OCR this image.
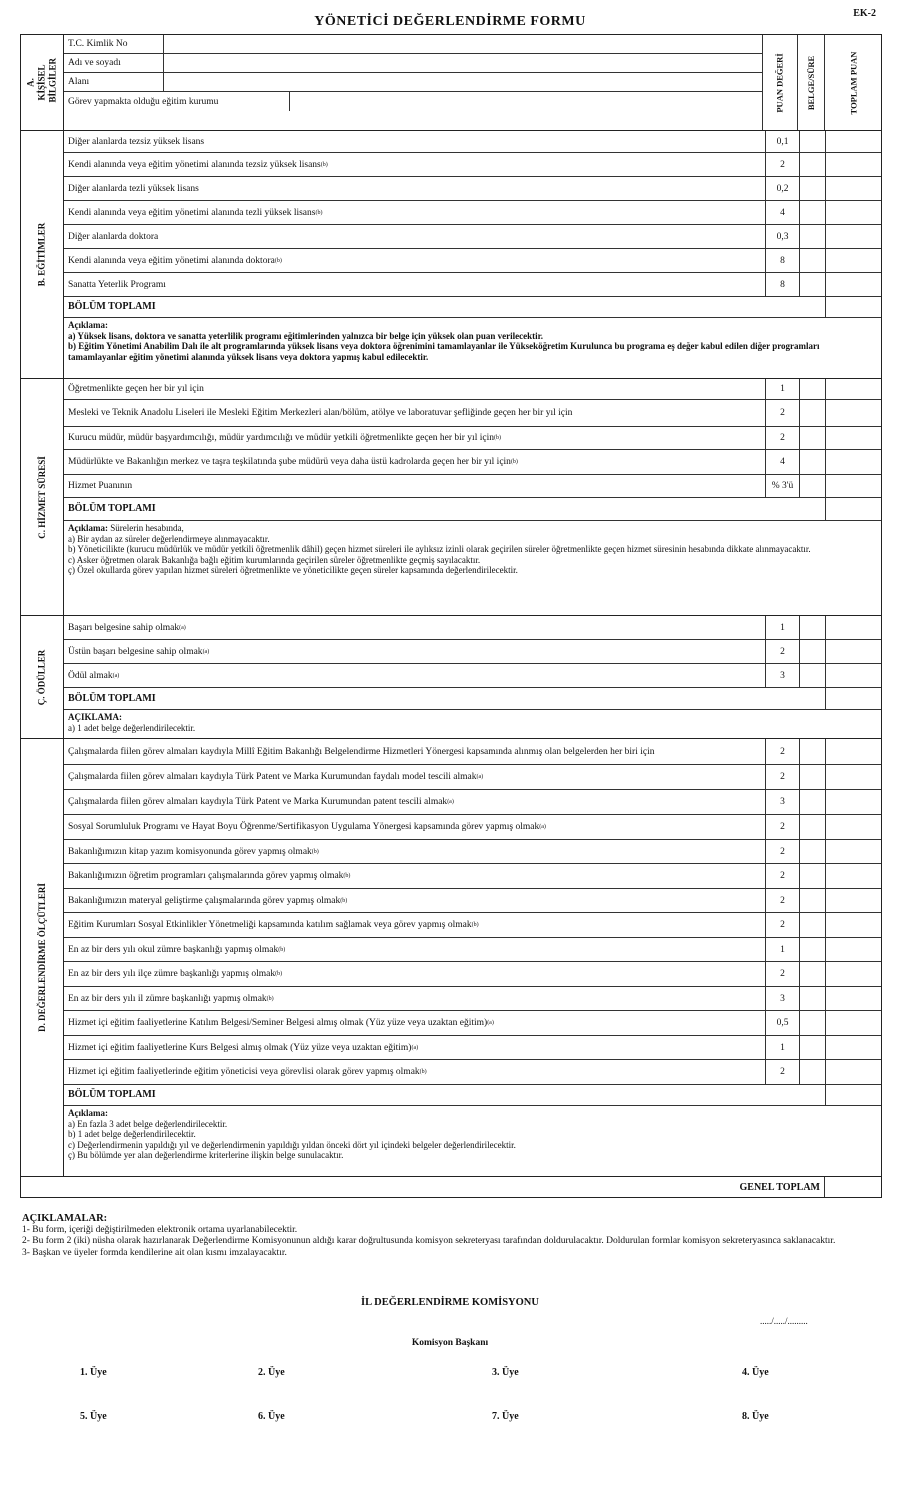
EK-2
YÖNETİCİ DEĞERLENDİRME FORMU
A. KİŞİSEL BİLGİLER
T.C. Kimlik No
Adı ve soyadı
Alanı
Görev yapmakta olduğu eğitim kurumu	PUAN DEĞERİ BELGE/SÜRE	TOPLAM PUAN
B. EĞİTİMLER
Diğer alanlarda tezsiz yüksek lisans	0,1
Kendi alanında veya eğitim yönetimi alanında tezsiz yüksek lisans (b)	2
Diğer alanlarda tezli yüksek lisans	0,2
Kendi alanında veya eğitim yönetimi alanında tezli yüksek lisans (b)	4
Diğer alanlarda doktora	0,3
Kendi alanında veya eğitim yönetimi alanında doktora (b)	8
Sanatta Yeterlik Programı	8
BÖLÜM TOPLAMI
Açıklama:
a) Yüksek lisans, doktora ve sanatta yeterlilik programı eğitimlerinden yalnızca bir belge için yüksek olan puan verilecektir.
b) Eğitim Yönetimi Anabilim Dalı ile alt programlarında yüksek lisans veya doktora öğrenimini tamamlayanlar ile Yükseköğretim Kurulunca bu programa eş değer kabul edilen diğer programları tamamlayanlar eğitim yönetimi alanında yüksek lisans veya doktora yapmış kabul edilecektir.
C. HİZMET SÜRESİ
Öğretmenlikte geçen her bir yıl için	1
Mesleki ve Teknik Anadolu Liseleri ile Mesleki Eğitim Merkezleri alan/bölüm, atölye ve laboratuvar şefliğinde geçen her bir yıl için	2
Kurucu müdür, müdür başyardımcılığı, müdür yardımcılığı ve müdür yetkili öğretmenlikte geçen her bir yıl için (b)	2
Müdürlükte ve Bakanlığın merkez ve taşra teşkilatında şube müdürü veya daha üstü kadrolarda geçen her bir yıl için (b)	4
Hizmet Puanının	% 3'ü
BÖLÜM TOPLAMI
Açıklama: Sürelerin hesabında,
a) Bir aydan az süreler değerlendirmeye alınmayacaktır.
b) Yöneticilikte (kurucu müdürlük ve müdür yetkili öğretmenlik dâhil) geçen hizmet süreleri ile aylıksız izinli olarak geçirilen süreler öğretmenlikte geçen hizmet süresinin hesabında dikkate alınmayacaktır.
c) Asker öğretmen olarak Bakanlığa bağlı eğitim kurumlarında geçirilen süreler öğretmenlikte geçmiş sayılacaktır.
ç) Özel okullarda görev yapılan hizmet süreleri öğretmenlikte ve yöneticilikte geçen süreler kapsamında değerlendirilecektir.
Ç. ÖDÜLLER
Başarı belgesine sahip olmak (a)	1
Üstün başarı belgesine sahip olmak (a)	2
Ödül almak (a)	3
BÖLÜM TOPLAMI
AÇIKLAMA:
a) 1 adet belge değerlendirilecektir.
D. DEĞERLENDİRME ÖLÇÜTLERİ
Çalışmalarda fiilen görev almaları kaydıyla Millî Eğitim Bakanlığı Belgelendirme Hizmetleri Yönergesi kapsamında alınmış olan belgelerden her biri için	2
Çalışmalarda fiilen görev almaları kaydıyla Türk Patent ve Marka Kurumundan faydalı model tescili almak (a)	2
Çalışmalarda fiilen görev almaları kaydıyla Türk Patent ve Marka Kurumundan patent tescili almak (a)	3
Sosyal Sorumluluk Programı ve Hayat Boyu Öğrenme/Sertifikasyon Uygulama Yönergesi kapsamında görev yapmış olmak (a)	2
Bakanlığımızın kitap yazım komisyonunda görev yapmış olmak (b)	2
Bakanlığımızın öğretim programları çalışmalarında görev yapmış olmak (b)	2
Bakanlığımızın materyal geliştirme çalışmalarında görev yapmış olmak (b)	2
Eğitim Kurumları Sosyal Etkinlikler Yönetmeliği kapsamında katılım sağlamak veya görev yapmış olmak (b)	2
En az bir ders yılı okul zümre başkanlığı yapmış olmak (b)	1
En az bir ders yılı ilçe zümre başkanlığı yapmış olmak (b)	2
En az bir ders yılı il zümre başkanlığı yapmış olmak (b)	3
Hizmet içi eğitim faaliyetlerine Katılım Belgesi/Seminer Belgesi almış olmak (Yüz yüze veya uzaktan eğitim) (a)	0,5
Hizmet içi eğitim faaliyetlerine Kurs Belgesi almış olmak (Yüz yüze veya uzaktan eğitim) (a)	1
Hizmet içi eğitim faaliyetlerinde eğitim yöneticisi veya görevlisi olarak görev yapmış olmak (b)	2
BÖLÜM TOPLAMI
Açıklama:
a) En fazla 3 adet belge değerlendirilecektir.
b) 1 adet belge değerlendirilecektir.
c) Değerlendirmenin yapıldığı yıl ve değerlendirmenin yapıldığı yıldan önceki dört yıl içindeki belgeler değerlendirilecektir.
ç) Bu bölümde yer alan değerlendirme kriterlerine ilişkin belge sunulacaktır.
GENEL TOPLAM
AÇIKLAMALAR:
1- Bu form, içeriği değiştirilmeden elektronik ortama uyarlanabilecektir.
2- Bu form 2 (iki) nüsha olarak hazırlanarak Değerlendirme Komisyonunun aldığı karar doğrultusunda komisyon sekreteryası tarafından doldurulacaktır. Doldurulan formlar komisyon sekreteryasınca saklanacaktır.
3- Başkan ve üyeler formda kendilerine ait olan kısmı imzalayacaktır.
İL DEĞERLENDİRME KOMİSYONU
...../...../.........
Komisyon Başkanı
1. Üye	2. Üye	3. Üye	4. Üye
5. Üye	6. Üye	7. Üye	8. Üye
